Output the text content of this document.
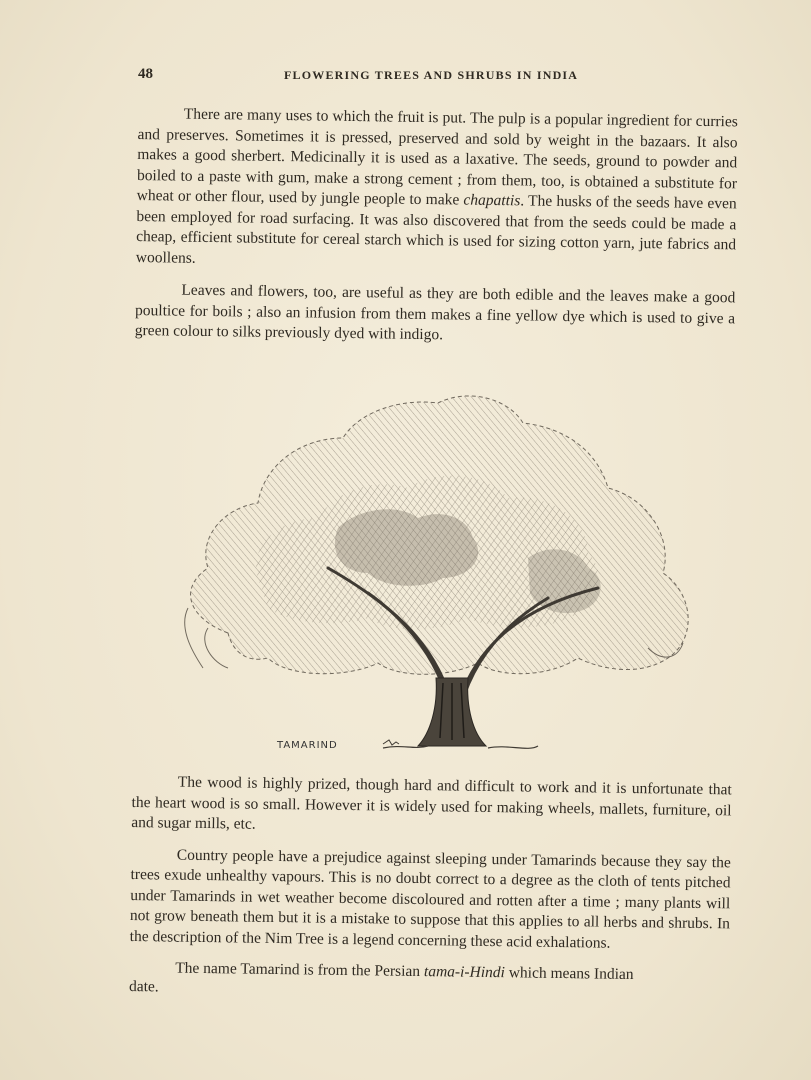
48	FLOWERING TREES AND SHRUBS IN INDIA

There are many uses to which the fruit is put. The pulp is a popular ingredient for curries and preserves. Sometimes it is pressed, preserved and sold by weight in the bazaars. It also makes a good sherbert. Medicinally it is used as a laxative. The seeds, ground to powder and boiled to a paste with gum, make a strong cement ; from them, too, is obtained a substitute for wheat or other flour, used by jungle people to make chapattis. The husks of the seeds have even been employed for road surfacing. It was also discovered that from the seeds could be made a cheap, efficient substitute for cereal starch which is used for sizing cotton yarn, jute fabrics and woollens.

Leaves and flowers, too, are useful as they are both edible and the leaves make a good poultice for boils ; also an infusion from them makes a fine yellow dye which is used to give a green colour to silks previously dyed with indigo.

TAMARIND

The wood is highly prized, though hard and difficult to work and it is unfortunate that the heart wood is so small. However it is widely used for making wheels, mallets, furniture, oil and sugar mills, etc.

Country people have a prejudice against sleeping under Tamarinds because they say the trees exude unhealthy vapours. This is no doubt correct to a degree as the cloth of tents pitched under Tamarinds in wet weather become discoloured and rotten after a time ; many plants will not grow beneath them but it is a mistake to suppose that this applies to all herbs and shrubs. In the description of the Nim Tree is a legend concerning these acid exhalations.

The name Tamarind is from the Persian tama-i-Hindi which means Indian
date.
